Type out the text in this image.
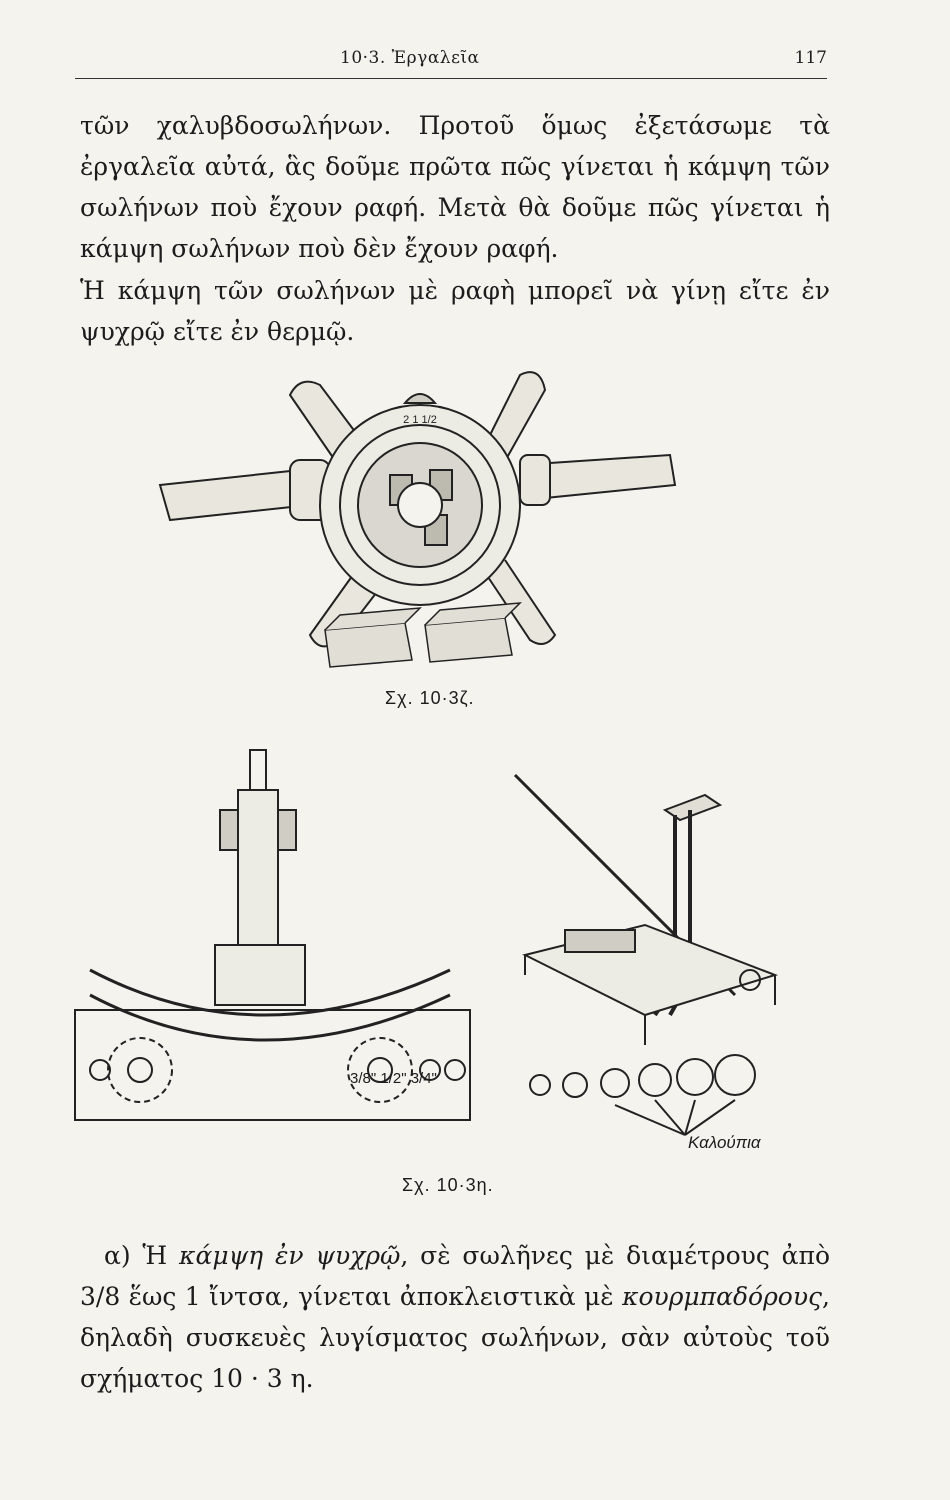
10·3. Ἐργαλεῖα	117
τῶν χαλυβδοσωλήνων. Προτοῦ ὅμως ἐξετάσωμε τὰ ἐργαλεῖα αὐτά, ἃς δοῦμε πρῶτα πῶς γίνεται ἡ κάμψη τῶν σωλήνων ποὺ ἔχουν ραφή. Μετὰ θὰ δοῦμε πῶς γίνεται ἡ κάμψη σωλήνων ποὺ δὲν ἔχουν ραφή.
Ἡ κάμψη τῶν σωλήνων μὲ ραφὴ μπορεῖ νὰ γίνῃ εἴτε ἐν ψυχρῷ εἴτε ἐν θερμῷ.
2 1 1/2
Σχ. 10·3ζ.
3/8" 1/2" 3/4"
Καλούπια
Σχ. 10·3η.
α) Ἡ κάμψη ἐν ψυχρῷ, σὲ σωλῆνες μὲ διαμέτρους ἀπὸ 3/8 ἕως 1 ἴντσα, γίνεται ἀποκλειστικὰ μὲ κουρμπαδόρους, δηλαδὴ συσκευὲς λυγίσματος σωλήνων, σὰν αὐτοὺς τοῦ σχήματος 10 · 3 η.
